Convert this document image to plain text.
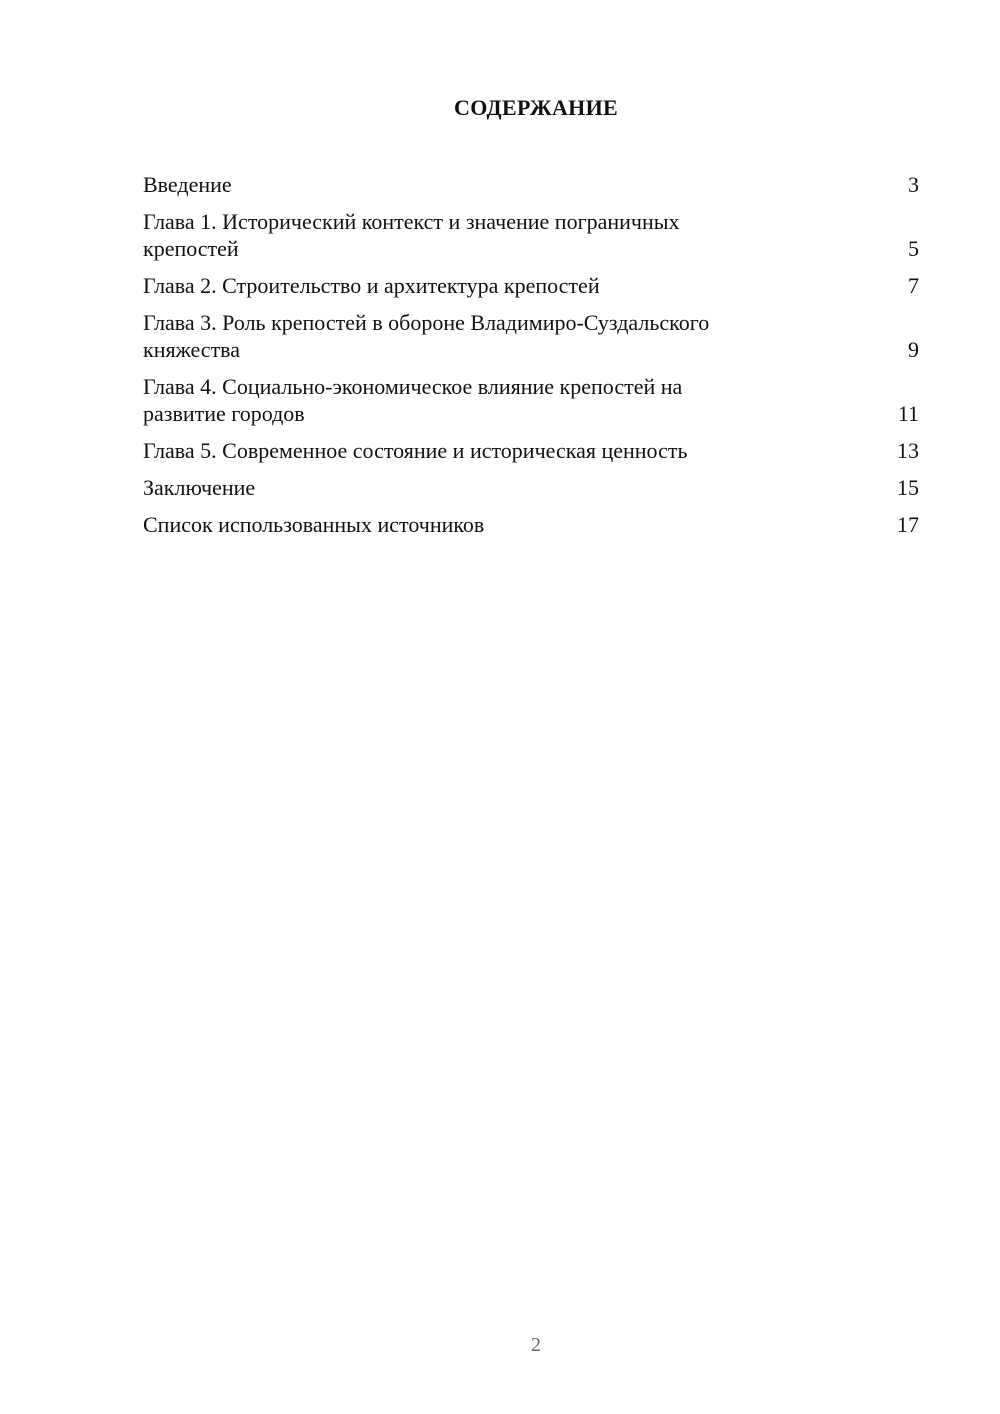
СОДЕРЖАНИЕ
Введение	3
Глава 1. Исторический контекст и значение пограничных
крепостей	5
Глава 2. Строительство и архитектура крепостей	7
Глава 3. Роль крепостей в обороне Владимиро-Суздальского
княжества	9
Глава 4. Социально-экономическое влияние крепостей на
развитие городов	11
Глава 5. Современное состояние и историческая ценность	13
Заключение	15
Список использованных источников	17
2
